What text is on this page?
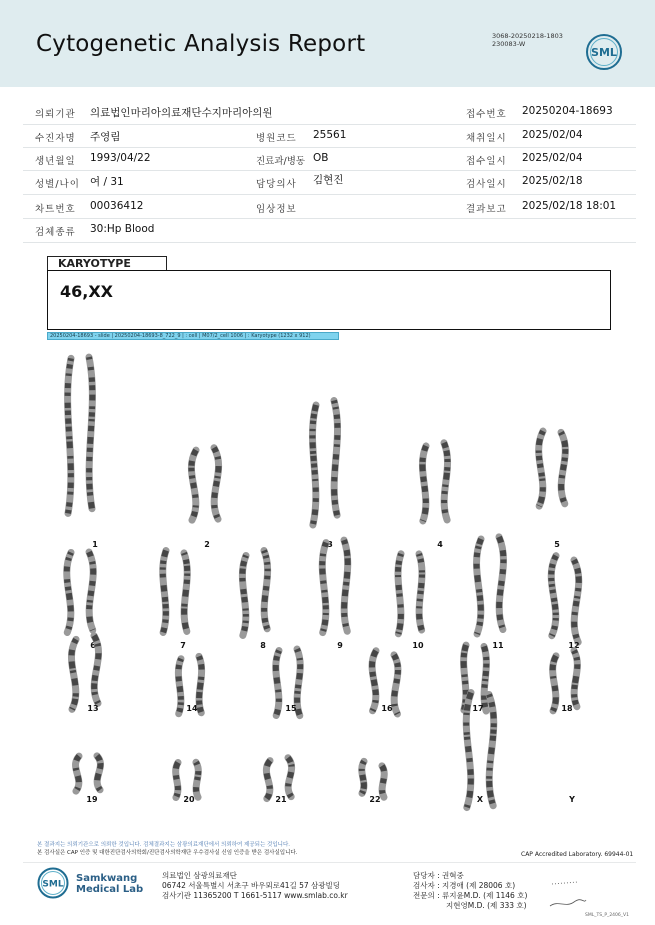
Cytogenetic Analysis Report	3068-20250218-1803
230083-W
SML
의뢰기관 의료법인마리아의료재단수지마리아의원	접수번호 20250204-18693
수진자명 주영림	병원코드 25561	채취일시 2025/02/04
생년월일 1993/04/22	진료과/병동 OB	접수일시 2025/02/04
성별/나이 여 / 31	담당의사 김현진	검사일시 2025/02/18
차트번호 00036412	임상정보	결과보고 2025/02/18 18:01
검체종류 30:Hp Blood
KARYOTYPE
46,XX
20250204-18693 - slide | 20250204-18693-8_722_9 | : cell | M07/2_cell 1006 | : Karyotype (1232 x 912)
1	2	3	4	5
6	7	8	9	10	11	12
13	14	15	16	17	18
19	20	21	22	X	Y
본 결과지는 의뢰기관으로 의뢰한 것입니다. 검체결과지는 삼광의료재단에서 의뢰하여 제공되는 것입니다.
본 검사실은 CAP 인증 및 대한진단검사의학회/진단검사의학재단 우수검사실 신임 인증을 받은 검사실입니다.	CAP Accredited Laboratory. 69944-01
SML
Samkwang
Medical Lab
의료법인 삼광의료재단
06742 서울특별시 서초구 바우뫼로41길 57 삼광빌딩
검사기관 11365200 T 1661-5117 www.smlab.co.kr
담당자 : 권혁중
검사자 : 지경애 (제 28006 호)
전문의 : 류지윤M.D. (제 1146 호)
지현영M.D. (제 333 호)
SML_TS_P_2406_V1
